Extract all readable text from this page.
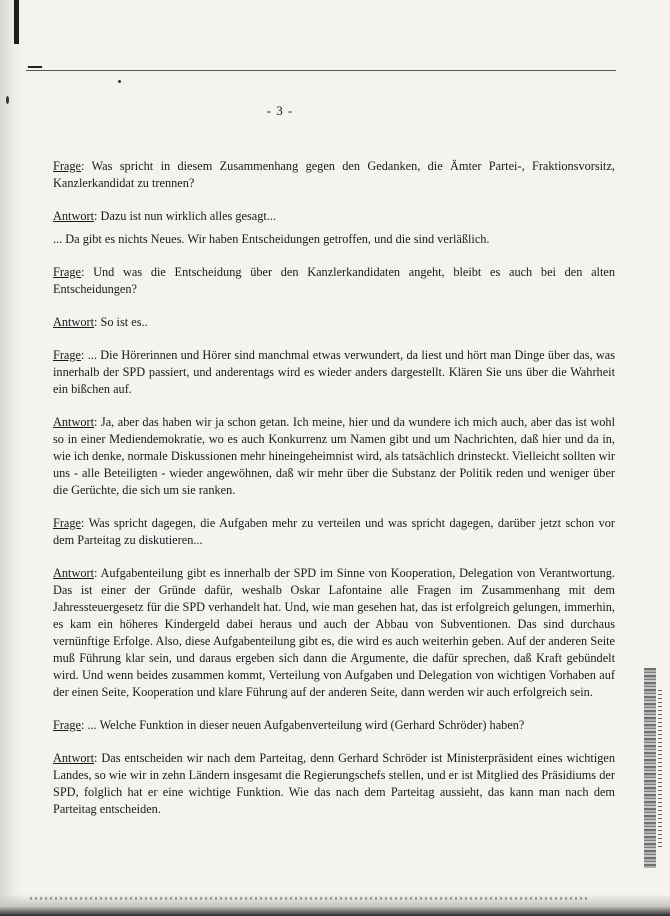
- 3 -

Frage: Was spricht in diesem Zusammenhang gegen den Gedanken, die Ämter Partei-, Fraktionsvorsitz, Kanzlerkandidat zu trennen?

Antwort: Dazu ist nun wirklich alles gesagt...

... Da gibt es nichts Neues. Wir haben Entscheidungen getroffen, und die sind verläßlich.

Frage: Und was die Entscheidung über den Kanzlerkandidaten angeht, bleibt es auch bei den alten Entscheidungen?

Antwort: So ist es..

Frage: ... Die Hörerinnen und Hörer sind manchmal etwas verwundert, da liest und hört man Dinge über das, was innerhalb der SPD passiert, und anderentags wird es wieder anders dargestellt. Klären Sie uns über die Wahrheit ein bißchen auf.

Antwort: Ja, aber das haben wir ja schon getan. Ich meine, hier und da wundere ich mich auch, aber das ist wohl so in einer Mediendemokratie, wo es auch Konkurrenz um Namen gibt und um Nachrichten, daß hier und da in, wie ich denke, normale Diskussionen mehr hineingeheimnist wird, als tatsächlich drinsteckt. Vielleicht sollten wir uns - alle Beteiligten - wieder angewöhnen, daß wir mehr über die Substanz der Politik reden und weniger über die Gerüchte, die sich um sie ranken.

Frage: Was spricht dagegen, die Aufgaben mehr zu verteilen und was spricht dagegen, darüber jetzt schon vor dem Parteitag zu diskutieren...

Antwort: Aufgabenteilung gibt es innerhalb der SPD im Sinne von Kooperation, Delegation von Verantwortung. Das ist einer der Gründe dafür, weshalb Oskar Lafontaine alle Fragen im Zusammenhang mit dem Jahressteuergesetz für die SPD verhandelt hat. Und, wie man gesehen hat, das ist erfolgreich gelungen, immerhin, es kam ein höheres Kindergeld dabei heraus und auch der Abbau von Subventionen. Das sind durchaus vernünftige Erfolge. Also, diese Aufgabenteilung gibt es, die wird es auch weiterhin geben. Auf der anderen Seite muß Führung klar sein, und daraus ergeben sich dann die Argumente, die dafür sprechen, daß Kraft gebündelt wird. Und wenn beides zusammen kommt, Verteilung von Aufgaben und Delegation von wichtigen Vorhaben auf der einen Seite, Kooperation und klare Führung auf der anderen Seite, dann werden wir auch erfolgreich sein.

Frage: ... Welche Funktion in dieser neuen Aufgabenverteilung wird (Gerhard Schröder) haben?

Antwort: Das entscheiden wir nach dem Parteitag, denn Gerhard Schröder ist Ministerpräsident eines wichtigen Landes, so wie wir in zehn Ländern insgesamt die Regierungschefs stellen, und er ist Mitglied des Präsidiums der SPD, folglich hat er eine wichtige Funktion. Wie das nach dem Parteitag aussieht, das kann man nach dem Parteitag entscheiden.
